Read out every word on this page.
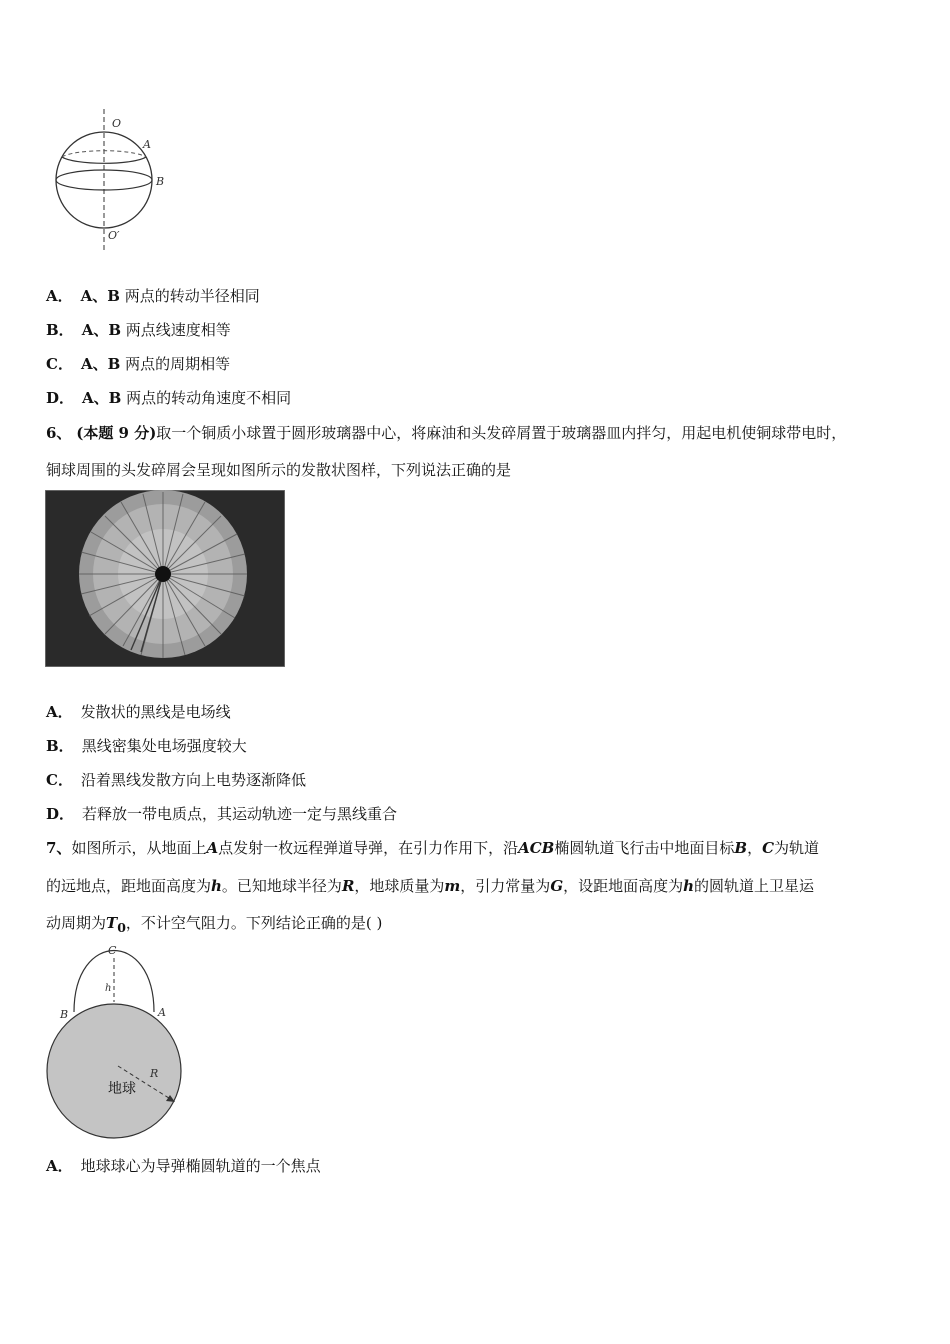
O
A
B
O′
A． A、B 两点的转动半径相同
B． A、B 两点线速度相等
C． A、B 两点的周期相等
D． A、B 两点的转动角速度不相同
6、 (本题 9 分)取一个铜质小球置于圆形玻璃器中心，将麻油和头发碎屑置于玻璃器皿内拌匀，用起电机使铜球带电时，
铜球周围的头发碎屑会呈现如图所示的发散状图样，下列说法正确的是
A． 发散状的黑线是电场线
B． 黑线密集处电场强度较大
C． 沿着黑线发散方向上电势逐渐降低
D． 若释放一带电质点，其运动轨迹一定与黑线重合
7、如图所示，从地面上A点发射一枚远程弹道导弹，在引力作用下，沿ACB椭圆轨道飞行击中地面目标B，C为轨道
的远地点，距地面高度为h。已知地球半径为R，地球质量为m，引力常量为G，设距地面高度为h的圆轨道上卫星运
动周期为$T_0$，不计空气阻力。下列结论正确的是( )
C
h
B	A
R
地球
A． 地球球心为导弹椭圆轨道的一个焦点
